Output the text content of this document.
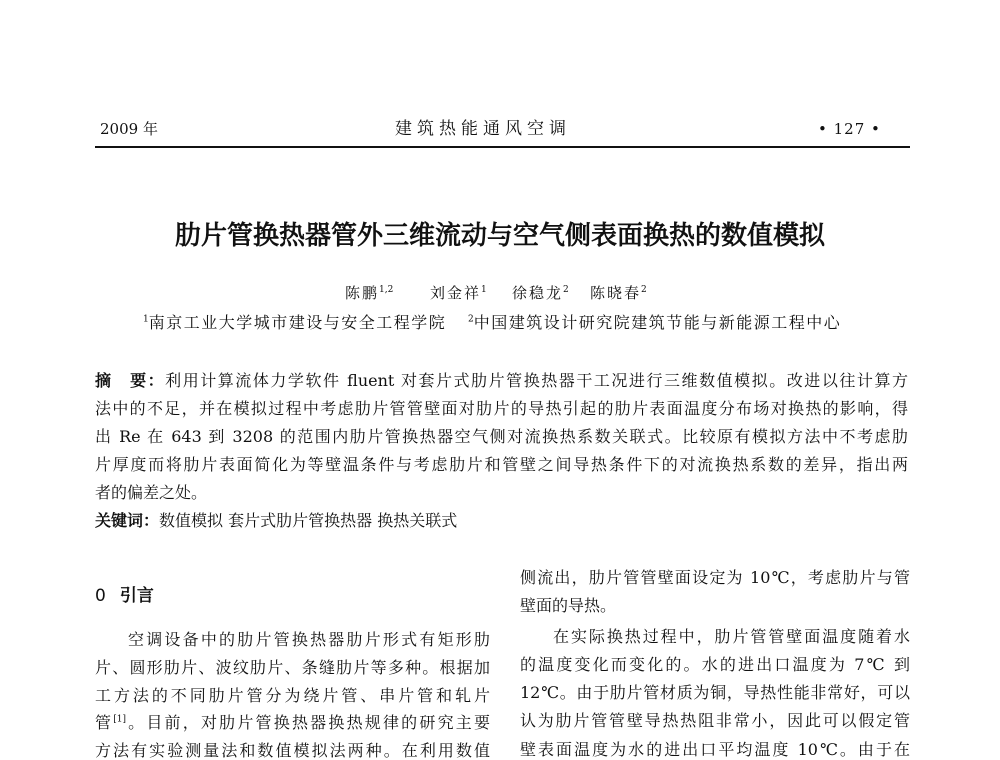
2009 年	建筑热能通风空调	• 127 •
肋片管换热器管外三维流动与空气侧表面换热的数值模拟
陈鹏$^{1,2}$ 刘金祥$^1$ 徐稳龙$^2$ 陈晓春$^2$
$^1$南京工业大学城市建设与安全工程学院 $^2$中国建筑设计研究院建筑节能与新能源工程中心
摘　要：利用计算流体力学软件 fluent 对套片式肋片管换热器干工况进行三维数值模拟。改进以往计算方
法中的不足，并在模拟过程中考虑肋片管管壁面对肋片的导热引起的肋片表面温度分布场对换热的影响，得
出 Re 在 643 到 3208 的范围内肋片管换热器空气侧对流换热系数关联式。比较原有模拟方法中不考虑肋
片厚度而将肋片表面简化为等壁温条件与考虑肋片和管壁之间导热条件下的对流换热系数的差异，指出两
者的偏差之处。
关键词：数值模拟 套片式肋片管换热器 换热关联式
0 引言
空调设备中的肋片管换热器肋片形式有矩形肋
片、圆形肋片、波纹肋片、条缝肋片等多种。根据加
工方法的不同肋片管分为绕片管、串片管和轧片
管[1]。目前，对肋片管换热器换热规律的研究主要
方法有实验测量法和数值模拟法两种。在利用数值
侧流出，肋片管管壁面设定为 10℃，考虑肋片与管
壁面的导热。
在实际换热过程中，肋片管管壁面温度随着水
的温度变化而变化的。水的进出口温度为 7℃ 到
12℃。由于肋片管材质为铜，导热性能非常好，可以
认为肋片管管壁导热热阻非常小，因此可以假定管
壁表面温度为水的进出口平均温度 10℃。由于在
